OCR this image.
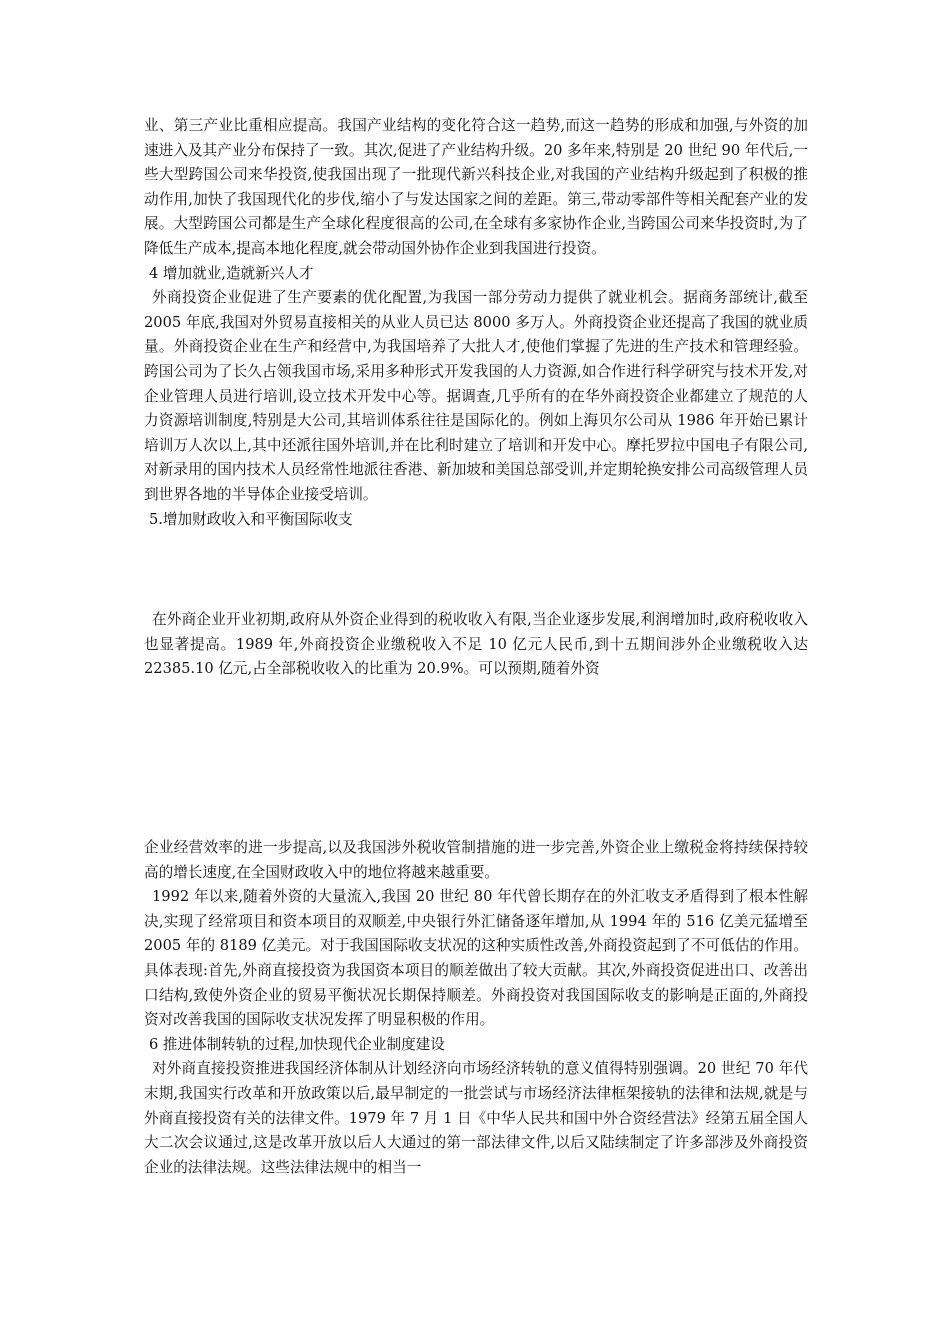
业、第三产业比重相应提高。我国产业结构的变化符合这一趋势,而这一趋势的形成和加强,与外资的加速进入及其产业分布保持了一致。其次,促进了产业结构升级。20 多年来,特别是 20 世纪 90 年代后,一些大型跨国公司来华投资,使我国出现了一批现代新兴科技企业,对我国的产业结构升级起到了积极的推动作用,加快了我国现代化的步伐,缩小了与发达国家之间的差距。第三,带动零部件等相关配套产业的发展。大型跨国公司都是生产全球化程度很高的公司,在全球有多家协作企业,当跨国公司来华投资时,为了降低生产成本,提高本地化程度,就会带动国外协作企业到我国进行投资。

4 增加就业,造就新兴人才

外商投资企业促进了生产要素的优化配置,为我国一部分劳动力提供了就业机会。据商务部统计,截至 2005 年底,我国对外贸易直接相关的从业人员已达 8000 多万人。外商投资企业还提高了我国的就业质量。外商投资企业在生产和经营中,为我国培养了大批人才,使他们掌握了先进的生产技术和管理经验。跨国公司为了长久占领我国市场,采用多种形式开发我国的人力资源,如合作进行科学研究与技术开发,对企业管理人员进行培训,设立技术开发中心等。据调查,几乎所有的在华外商投资企业都建立了规范的人力资源培训制度,特别是大公司,其培训体系往往是国际化的。例如上海贝尔公司从 1986 年开始已累计培训万人次以上,其中还派往国外培训,并在比利时建立了培训和开发中心。摩托罗拉中国电子有限公司,对新录用的国内技术人员经常性地派往香港、新加坡和美国总部受训,并定期轮换安排公司高级管理人员到世界各地的半导体企业接受培训。

5.增加财政收入和平衡国际收支

在外商企业开业初期,政府从外资企业得到的税收收入有限,当企业逐步发展,利润增加时,政府税收收入也显著提高。1989 年,外商投资企业缴税收入不足 10 亿元人民币,到十五期间涉外企业缴税收入达 22385.10 亿元,占全部税收收入的比重为 20.9%。可以预期,随着外资

企业经营效率的进一步提高,以及我国涉外税收管制措施的进一步完善,外资企业上缴税金将持续保持较高的增长速度,在全国财政收入中的地位将越来越重要。

1992 年以来,随着外资的大量流入,我国 20 世纪 80 年代曾长期存在的外汇收支矛盾得到了根本性解决,实现了经常项目和资本项目的双顺差,中央银行外汇储备逐年增加,从 1994 年的 516 亿美元猛增至 2005 年的 8189 亿美元。对于我国国际收支状况的这种实质性改善,外商投资起到了不可低估的作用。具体表现:首先,外商直接投资为我国资本项目的顺差做出了较大贡献。其次,外商投资促进出口、改善出口结构,致使外资企业的贸易平衡状况长期保持顺差。外商投资对我国国际收支的影响是正面的,外商投资对改善我国的国际收支状况发挥了明显积极的作用。

6 推进体制转轨的过程,加快现代企业制度建设

对外商直接投资推进我国经济体制从计划经济向市场经济转轨的意义值得特别强调。20 世纪 70 年代末期,我国实行改革和开放政策以后,最早制定的一批尝试与市场经济法律框架接轨的法律和法规,就是与外商直接投资有关的法律文件。1979 年 7 月 1 日《中华人民共和国中外合资经营法》经第五届全国人大二次会议通过,这是改革开放以后人大通过的第一部法律文件,以后又陆续制定了许多部涉及外商投资企业的法律法规。这些法律法规中的相当一
